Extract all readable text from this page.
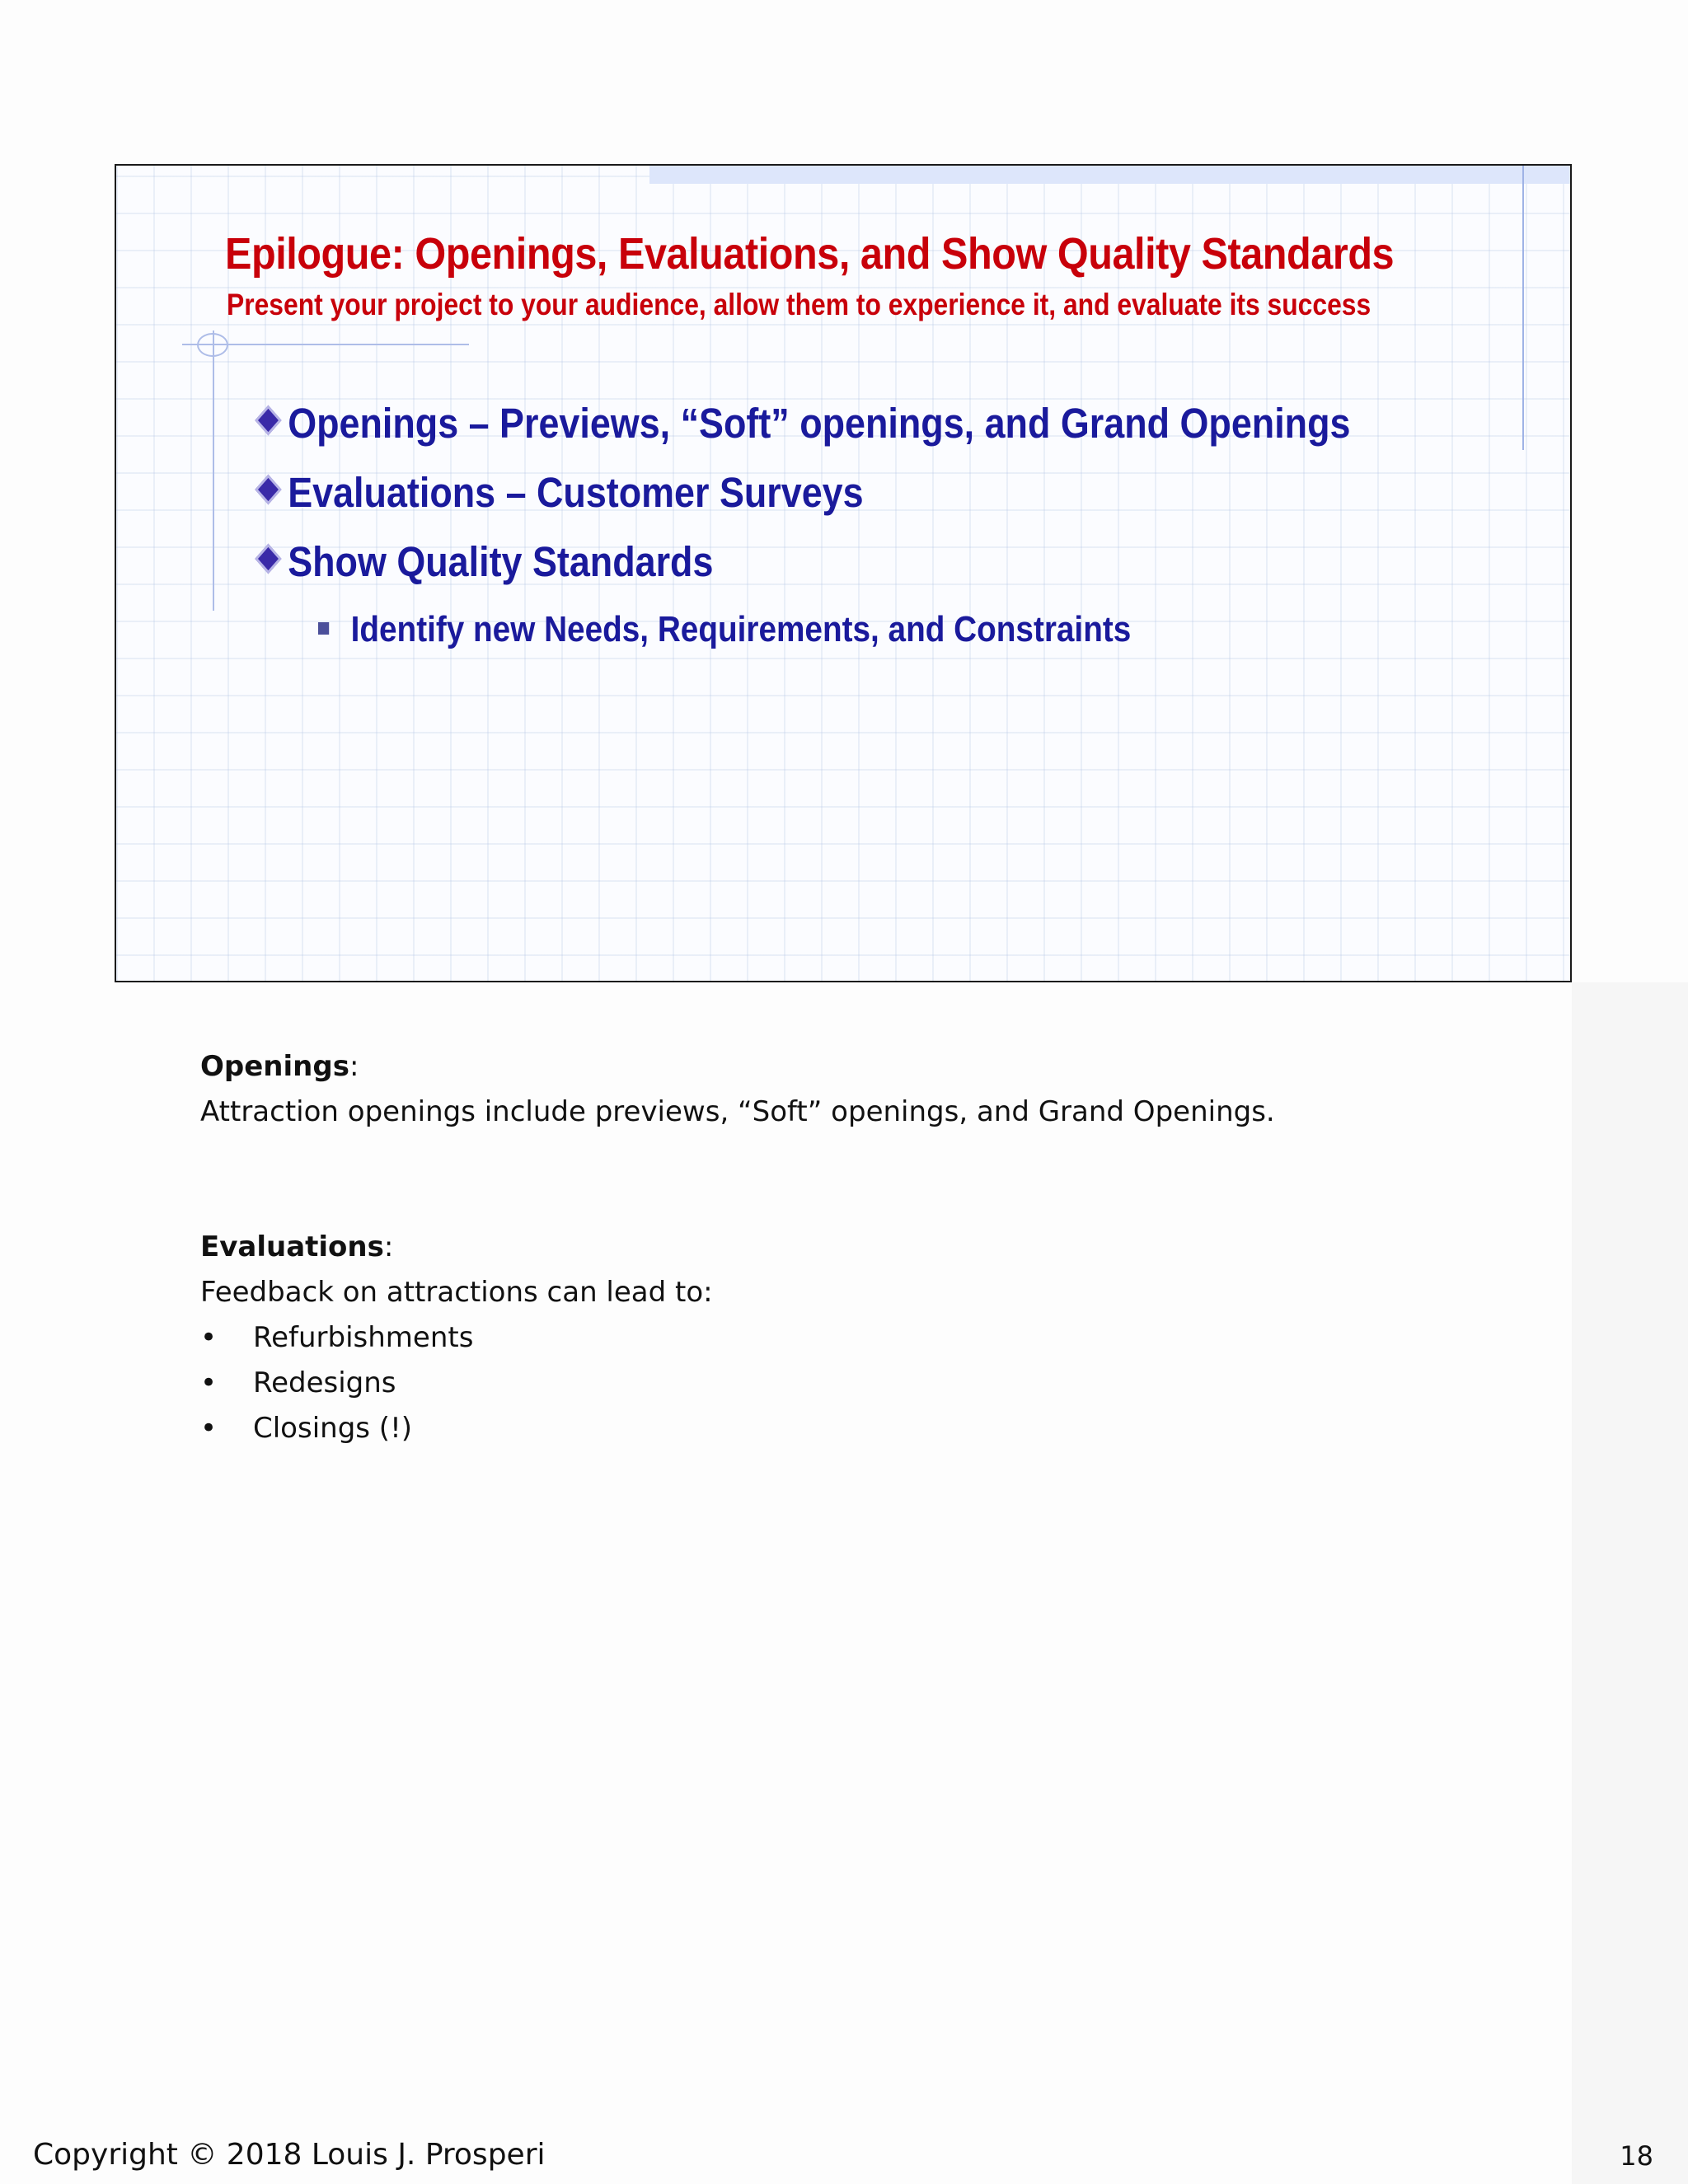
Epilogue: Openings, Evaluations, and Show Quality Standards
Present your project to your audience, allow them to experience it, and evaluate its success
Openings – Previews, “Soft” openings, and Grand Openings
Evaluations – Customer Surveys
Show Quality Standards
Identify new Needs, Requirements, and Constraints
Openings:
Attraction openings include previews, “Soft” openings, and Grand Openings.
Evaluations:
Feedback on attractions can lead to:
• Refurbishments
• Redesigns
• Closings (!)
Copyright © 2018 Louis J. Prosperi	18
